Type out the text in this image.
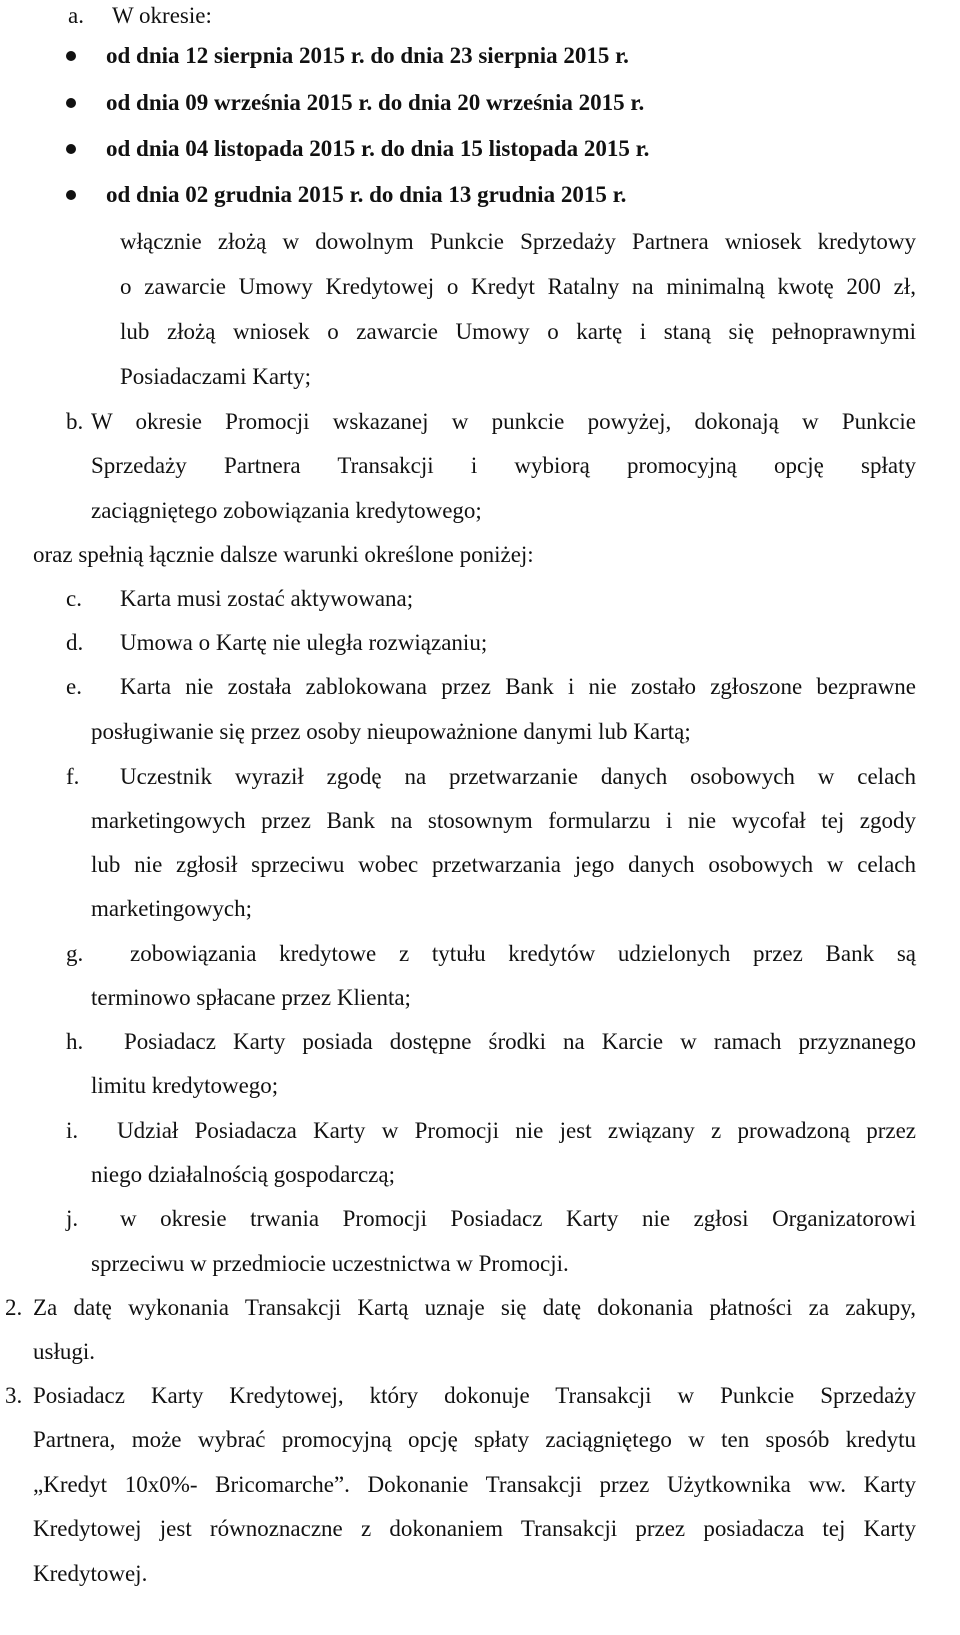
a. W okresie:
od dnia 12 sierpnia 2015 r. do dnia 23 sierpnia 2015 r.
od dnia 09 września 2015 r. do dnia 20 września 2015 r.
od dnia 04 listopada 2015 r. do dnia 15 listopada 2015 r.
od dnia 02 grudnia 2015 r. do dnia 13 grudnia 2015 r.
włącznie złożą w dowolnym Punkcie Sprzedaży Partnera wniosek kredytowy
o zawarcie Umowy Kredytowej o Kredyt Ratalny na minimalną kwotę 200 zł,
lub złożą wniosek o zawarcie Umowy o kartę i staną się pełnoprawnymi
Posiadaczami Karty;
b. W okresie Promocji wskazanej w punkcie powyżej, dokonają w Punkcie
Sprzedaży Partnera Transakcji i wybiorą promocyjną opcję spłaty
zaciągniętego zobowiązania kredytowego;
oraz spełnią łącznie dalsze warunki określone poniżej:
c. Karta musi zostać aktywowana;
d. Umowa o Kartę nie uległa rozwiązaniu;
e. Karta nie została zablokowana przez Bank i nie zostało zgłoszone bezprawne
posługiwanie się przez osoby nieupoważnione danymi lub Kartą;
f. Uczestnik wyraził zgodę na przetwarzanie danych osobowych w celach
marketingowych przez Bank na stosownym formularzu i nie wycofał tej zgody
lub nie zgłosił sprzeciwu wobec przetwarzania jego danych osobowych w celach
marketingowych;
g. zobowiązania kredytowe z tytułu kredytów udzielonych przez Bank są
terminowo spłacane przez Klienta;
h. Posiadacz Karty posiada dostępne środki na Karcie w ramach przyznanego
limitu kredytowego;
i. Udział Posiadacza Karty w Promocji nie jest związany z prowadzoną przez
niego działalnością gospodarczą;
j. w okresie trwania Promocji Posiadacz Karty nie zgłosi Organizatorowi
sprzeciwu w przedmiocie uczestnictwa w Promocji.
2. Za datę wykonania Transakcji Kartą uznaje się datę dokonania płatności za zakupy,
usługi.
3. Posiadacz Karty Kredytowej, który dokonuje Transakcji w Punkcie Sprzedaży
Partnera, może wybrać promocyjną opcję spłaty zaciągniętego w ten sposób kredytu
„Kredyt 10x0%- Bricomarche”. Dokonanie Transakcji przez Użytkownika ww. Karty
Kredytowej jest równoznaczne z dokonaniem Transakcji przez posiadacza tej Karty
Kredytowej.
